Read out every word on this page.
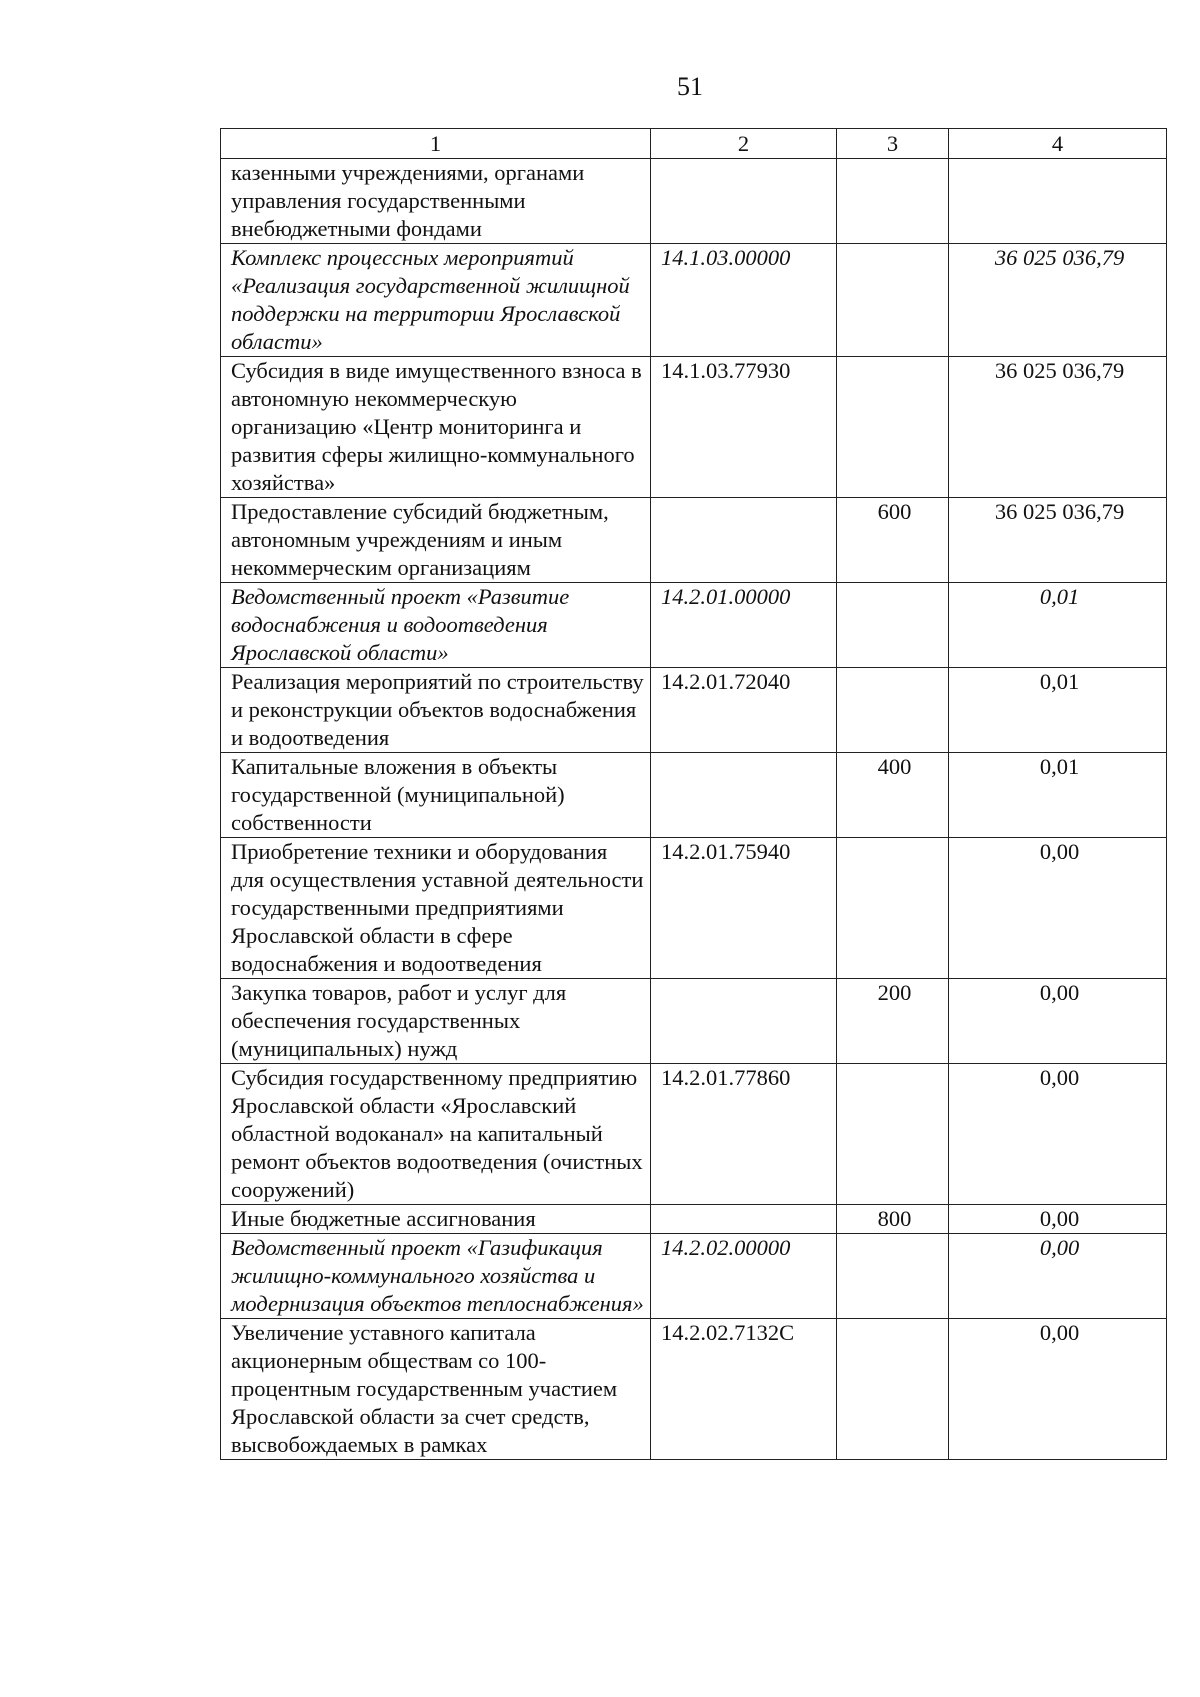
51
1	2	3	4
казенными учреждениями, органами управления государственными внебюджетными фондами			
Комплекс процессных мероприятий «Реализация государственной жилищной поддержки на территории Ярославской области»	14.1.03.00000		36 025 036,79
Субсидия в виде имущественного взноса в автономную некоммерческую организацию «Центр мониторинга и развития сферы жилищно-коммунального хозяйства»	14.1.03.77930		36 025 036,79
Предоставление субсидий бюджетным, автономным учреждениям и иным некоммерческим организациям		600	36 025 036,79
Ведомственный проект «Развитие водоснабжения и водоотведения Ярославской области»	14.2.01.00000		0,01
Реализация мероприятий по строительству и реконструкции объектов водоснабжения и водоотведения	14.2.01.72040		0,01
Капитальные вложения в объекты государственной (муниципальной) собственности		400	0,01
Приобретение техники и оборудования для осуществления уставной деятельности государственными предприятиями Ярославской области в сфере водоснабжения и водоотведения	14.2.01.75940		0,00
Закупка товаров, работ и услуг для обеспечения государственных (муниципальных) нужд		200	0,00
Субсидия государственному предприятию Ярославской области «Ярославский областной водоканал» на капитальный ремонт объектов водоотведения (очистных сооружений)	14.2.01.77860		0,00
Иные бюджетные ассигнования		800	0,00
Ведомственный проект «Газификация жилищно-коммунального хозяйства и модернизация объектов теплоснабжения»	14.2.02.00000		0,00
Увеличение уставного капитала акционерным обществам со 100-процентным государственным участием Ярославской области за счет средств, высвобождаемых в рамках	14.2.02.7132С		0,00
